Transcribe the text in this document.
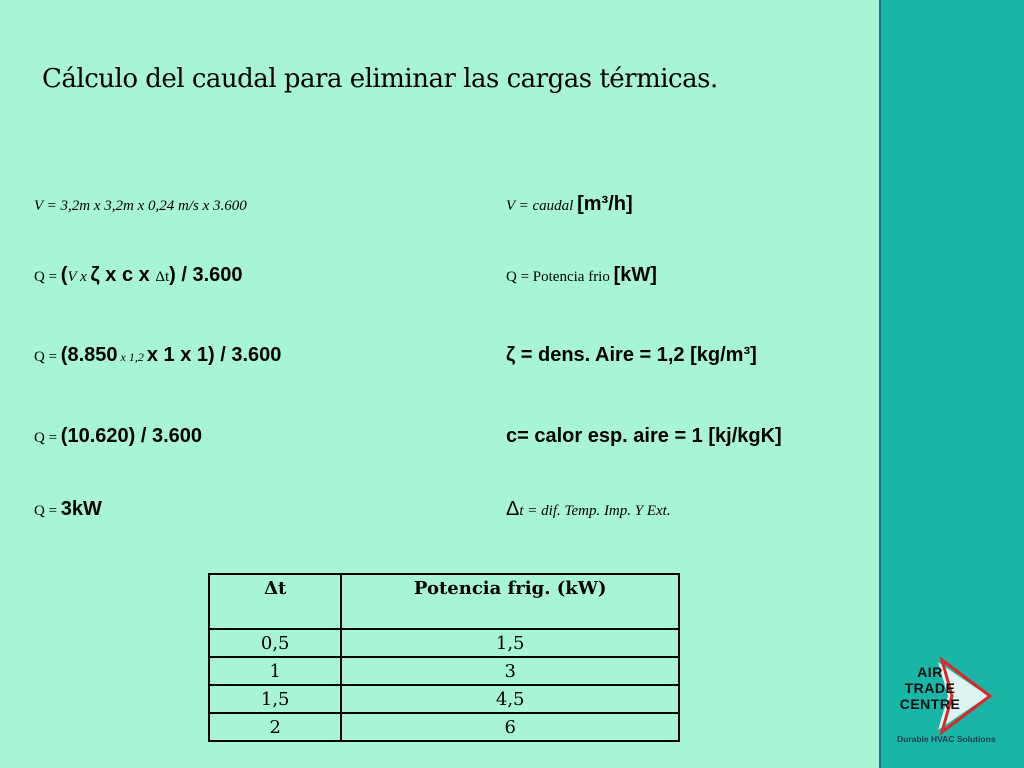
Cálculo del caudal para eliminar las cargas térmicas.
V = 3,2m x 3,2m x 0,24 m/s x 3.600
Q = (V x ζ x c x Δt) / 3.600
Q = (8.850 x 1,2 x 1 x 1) / 3.600
Q = (10.620) / 3.600
Q = 3kW
V = caudal [m³/h]
Q = Potencia frio [kW]
ζ = dens. Aire = 1,2 [kg/m³]
c= calor esp. aire = 1 [kj/kgK]
Δt = dif. Temp. Imp. Y Ext.
Δt	Potencia frig. (kW)
0,5	1,5
1	3
1,5	4,5
2	6
AIR
TRADE
CENTRE
Durable HVAC Solutions
